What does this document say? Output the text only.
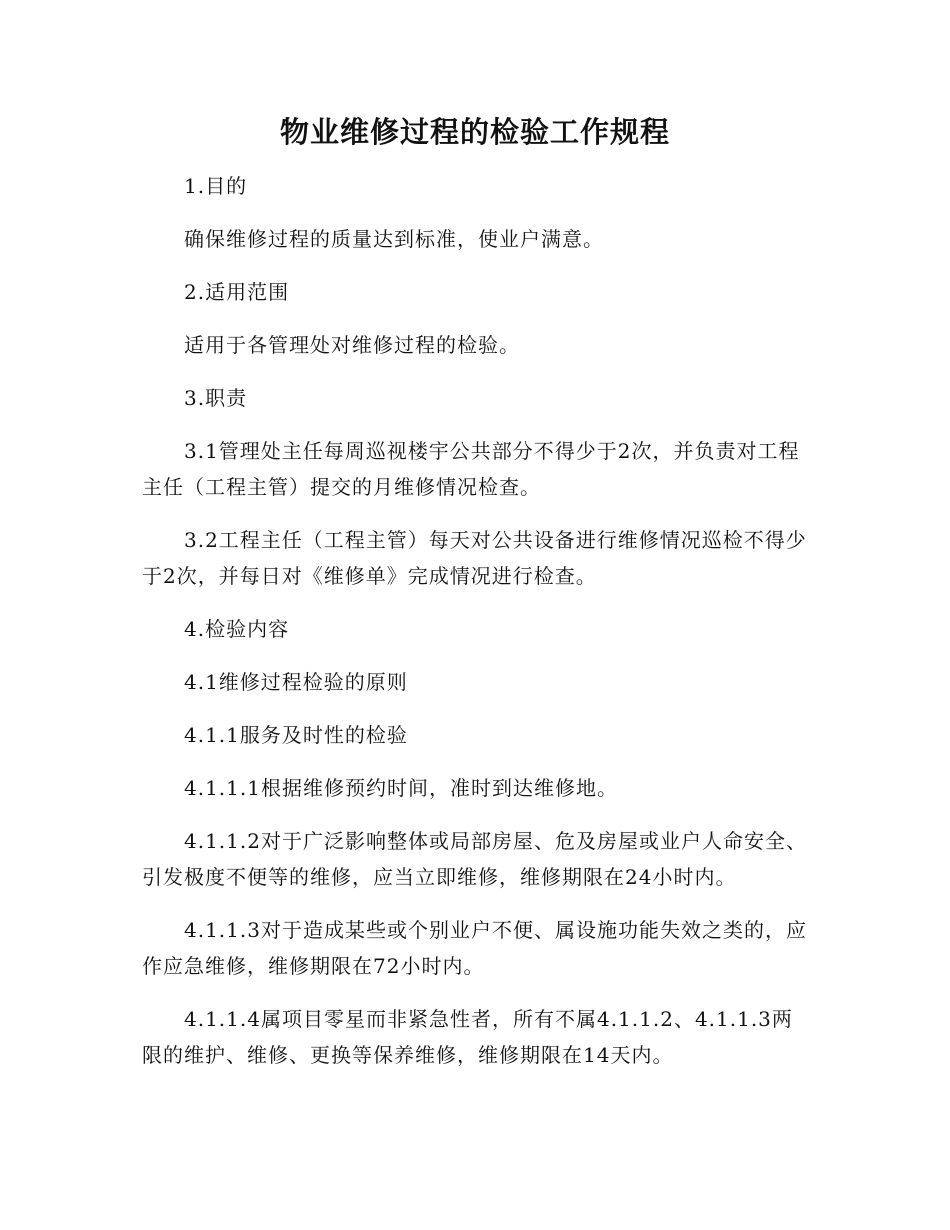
物业维修过程的检验工作规程

1.目的

确保维修过程的质量达到标准，使业户满意。

2.适用范围

适用于各管理处对维修过程的检验。

3.职责

3.1管理处主任每周巡视楼宇公共部分不得少于2次，并负责对工程主任（工程主管）提交的月维修情况检查。

3.2工程主任（工程主管）每天对公共设备进行维修情况巡检不得少于2次，并每日对《维修单》完成情况进行检查。

4.检验内容

4.1维修过程检验的原则

4.1.1服务及时性的检验

4.1.1.1根据维修预约时间，准时到达维修地。

4.1.1.2对于广泛影响整体或局部房屋、危及房屋或业户人命安全、引发极度不便等的维修，应当立即维修，维修期限在24小时内。

4.1.1.3对于造成某些或个别业户不便、属设施功能失效之类的，应作应急维修，维修期限在72小时内。

4.1.1.4属项目零星而非紧急性者，所有不属4.1.1.2、4.1.1.3两限的维护、维修、更换等保养维修，维修期限在14天内。
